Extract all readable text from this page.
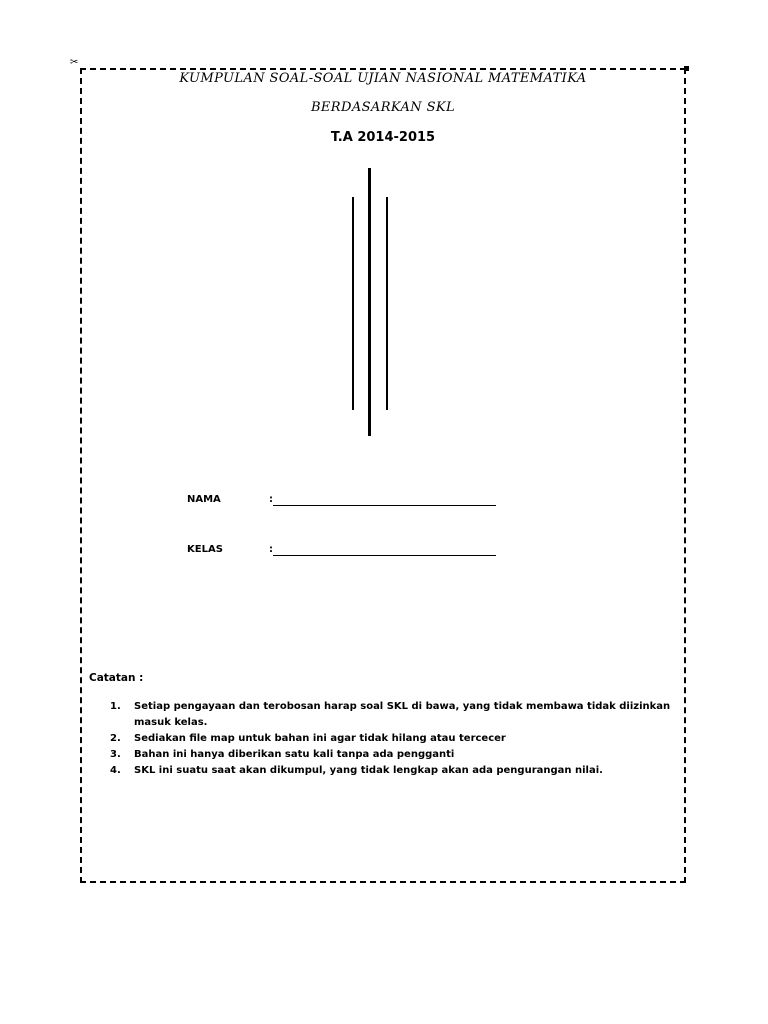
✂
KUMPULAN SOAL-SOAL UJIAN NASIONAL MATEMATIKA
BERDASARKAN SKL
T.A 2014-2015
NAMA	:
KELAS	:
Catatan :
1.	Setiap pengayaan dan terobosan harap soal SKL di bawa, yang tidak membawa tidak diizinkan masuk kelas.
2.	Sediakan file map untuk bahan ini agar tidak hilang atau tercecer
3.	Bahan ini hanya diberikan satu kali tanpa ada pengganti
4.	SKL ini suatu saat akan dikumpul, yang tidak lengkap akan ada pengurangan nilai.
